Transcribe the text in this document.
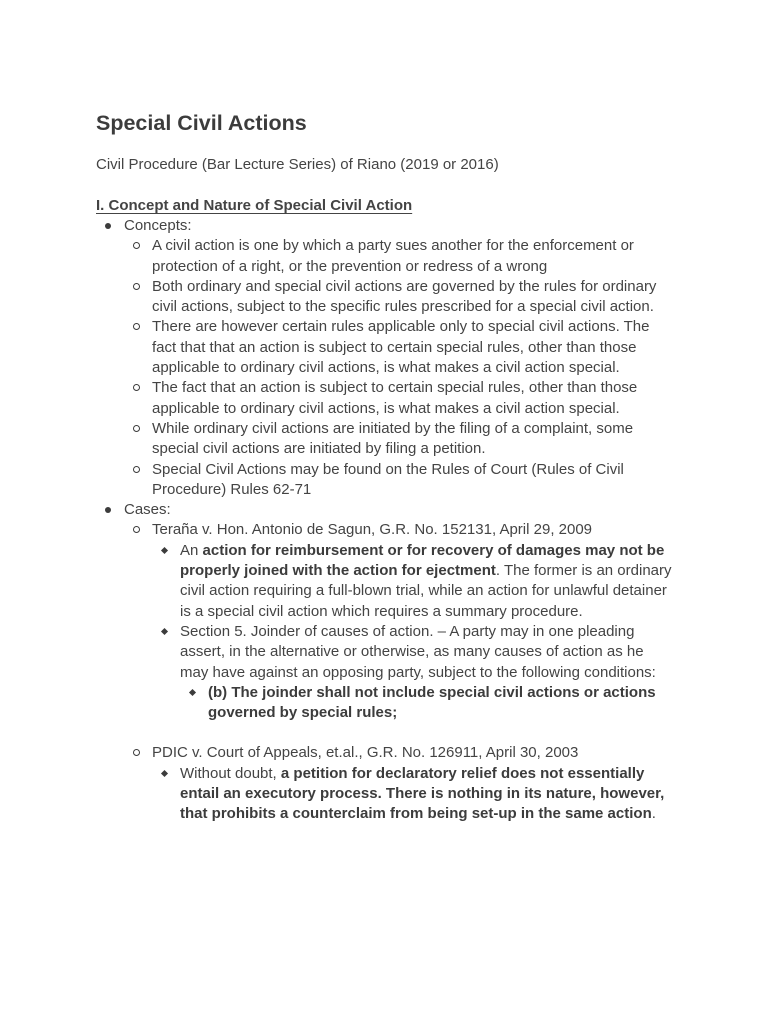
Special Civil Actions
Civil Procedure (Bar Lecture Series) of Riano (2019 or 2016)
I. Concept and Nature of Special Civil Action
Concepts:
A civil action is one by which a party sues another for the enforcement or protection of a right, or the prevention or redress of a wrong
Both ordinary and special civil actions are governed by the rules for ordinary civil actions, subject to the specific rules prescribed for a special civil action.
There are however certain rules applicable only to special civil actions. The fact that that an action is subject to certain special rules, other than those applicable to ordinary civil actions, is what makes a civil action special.
The fact that an action is subject to certain special rules, other than those applicable to ordinary civil actions, is what makes a civil action special.
While ordinary civil actions are initiated by the filing of a complaint, some special civil actions are initiated by filing a petition.
Special Civil Actions may be found on the Rules of Court (Rules of Civil Procedure) Rules 62-71
Cases:
Teraña v. Hon. Antonio de Sagun, G.R. No. 152131, April 29, 2009
An action for reimbursement or for recovery of damages may not be properly joined with the action for ejectment. The former is an ordinary civil action requiring a full-blown trial, while an action for unlawful detainer is a special civil action which requires a summary procedure.
Section 5. Joinder of causes of action. – A party may in one pleading assert, in the alternative or otherwise, as many causes of action as he may have against an opposing party, subject to the following conditions:
(b) The joinder shall not include special civil actions or actions governed by special rules;
PDIC v. Court of Appeals, et.al., G.R. No. 126911, April 30, 2003
Without doubt, a petition for declaratory relief does not essentially entail an executory process. There is nothing in its nature, however, that prohibits a counterclaim from being set-up in the same action.
